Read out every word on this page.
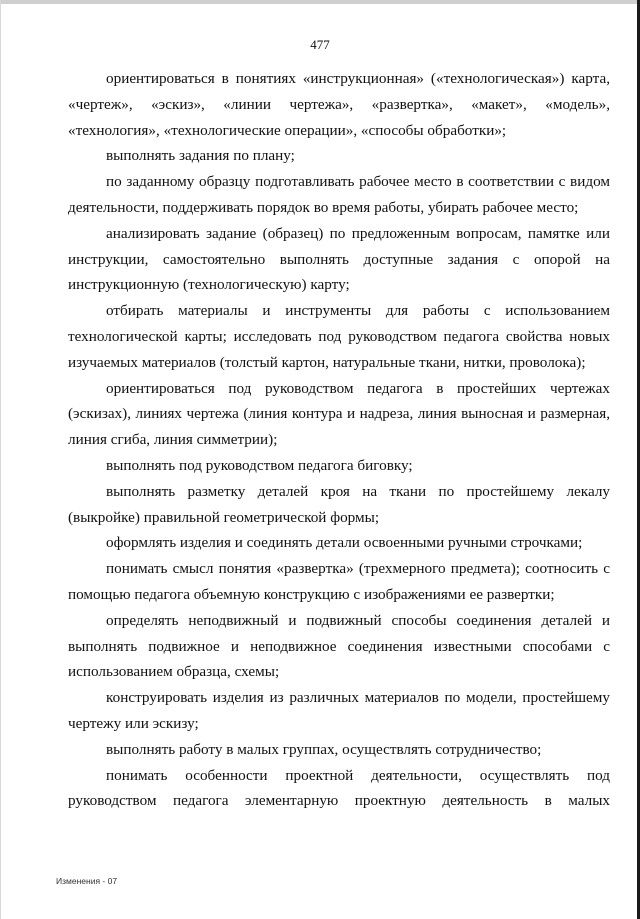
477

ориентироваться в понятиях «инструкционная» («технологическая») карта, «чертеж», «эскиз», «линии чертежа», «развертка», «макет», «модель», «технология», «технологические операции», «способы обработки»;

выполнять задания по плану;

по заданному образцу подготавливать рабочее место в соответствии с видом деятельности, поддерживать порядок во время работы, убирать рабочее место;

анализировать задание (образец) по предложенным вопросам, памятке или инструкции, самостоятельно выполнять доступные задания с опорой на инструкционную (технологическую) карту;

отбирать материалы и инструменты для работы с использованием технологической карты; исследовать под руководством педагога свойства новых изучаемых материалов (толстый картон, натуральные ткани, нитки, проволока);

ориентироваться под руководством педагога в простейших чертежах (эскизах), линиях чертежа (линия контура и надреза, линия выносная и размерная, линия сгиба, линия симметрии);

выполнять под руководством педагога биговку;

выполнять разметку деталей кроя на ткани по простейшему лекалу (выкройке) правильной геометрической формы;

оформлять изделия и соединять детали освоенными ручными строчками;

понимать смысл понятия «развертка» (трехмерного предмета); соотносить с помощью педагога объемную конструкцию с изображениями ее развертки;

определять неподвижный и подвижный способы соединения деталей и выполнять подвижное и неподвижное соединения известными способами с использованием образца, схемы;

конструировать изделия из различных материалов по модели, простейшему чертежу или эскизу;

выполнять работу в малых группах, осуществлять сотрудничество;

понимать особенности проектной деятельности, осуществлять под руководством педагога элементарную проектную деятельность в малых

Изменения - 07
